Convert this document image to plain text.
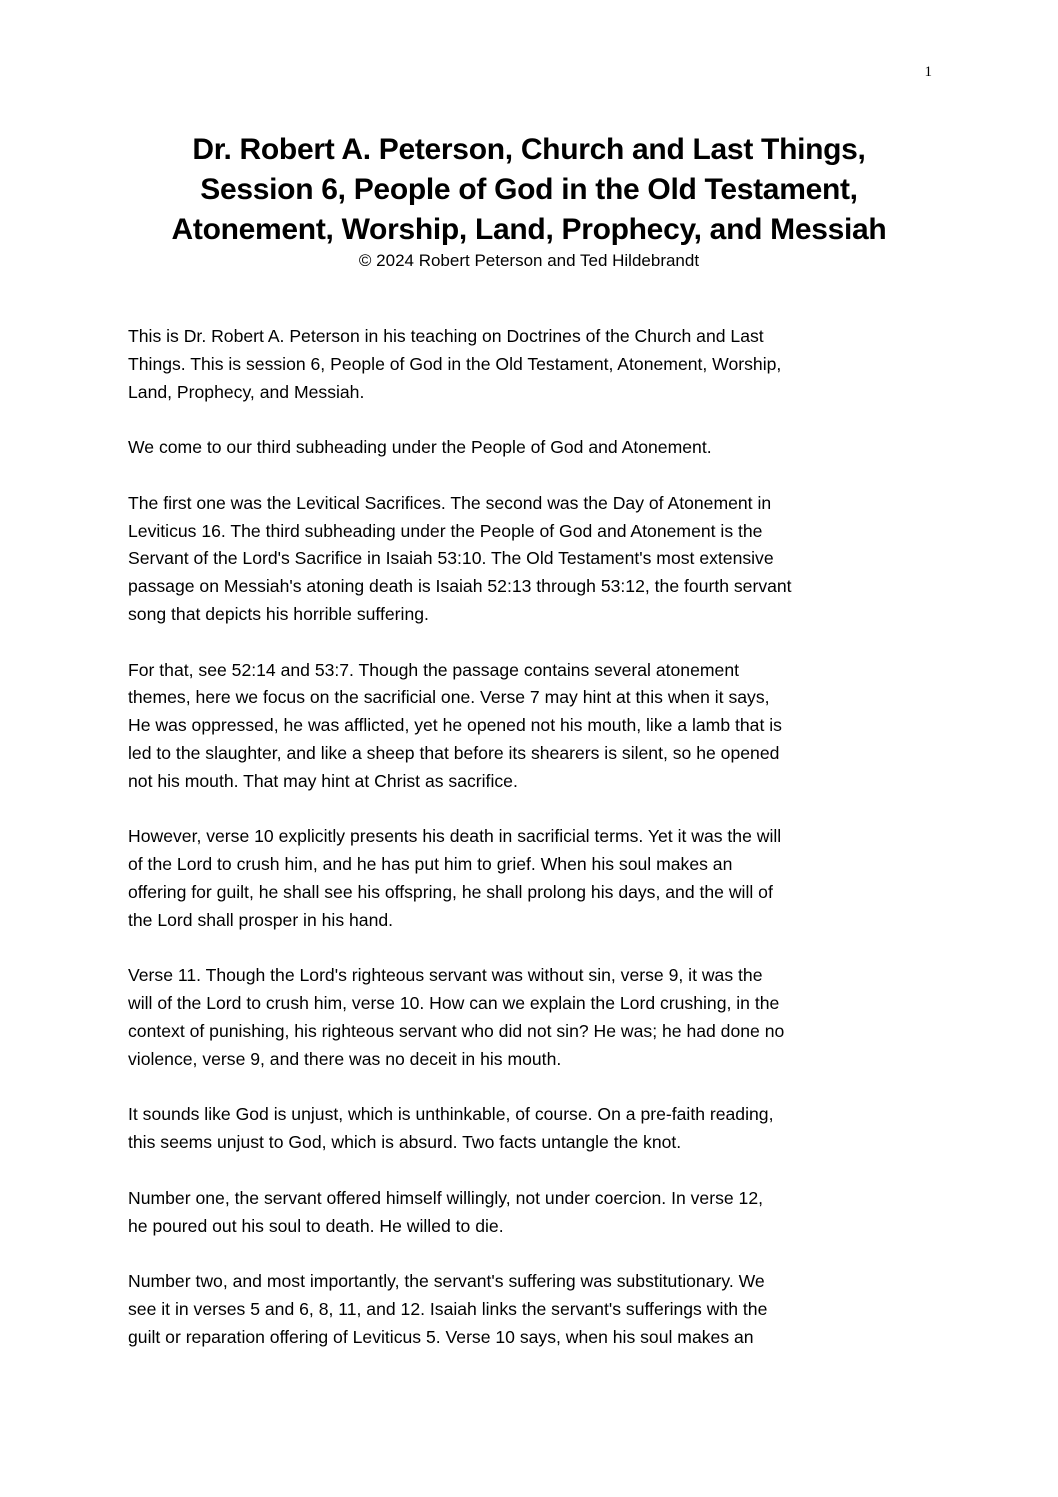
1
Dr. Robert A. Peterson, Church and Last Things,
Session 6, People of God in the Old Testament,
Atonement, Worship, Land, Prophecy, and Messiah

© 2024 Robert Peterson and Ted Hildebrandt

This is Dr. Robert A. Peterson in his teaching on Doctrines of the Church and Last
Things. This is session 6, People of God in the Old Testament, Atonement, Worship,
Land, Prophecy, and Messiah.

We come to our third subheading under the People of God and Atonement.

The first one was the Levitical Sacrifices. The second was the Day of Atonement in
Leviticus 16. The third subheading under the People of God and Atonement is the
Servant of the Lord's Sacrifice in Isaiah 53:10. The Old Testament's most extensive
passage on Messiah's atoning death is Isaiah 52:13 through 53:12, the fourth servant
song that depicts his horrible suffering.

For that, see 52:14 and 53:7. Though the passage contains several atonement
themes, here we focus on the sacrificial one. Verse 7 may hint at this when it says,
He was oppressed, he was afflicted, yet he opened not his mouth, like a lamb that is
led to the slaughter, and like a sheep that before its shearers is silent, so he opened
not his mouth. That may hint at Christ as sacrifice.

However, verse 10 explicitly presents his death in sacrificial terms. Yet it was the will
of the Lord to crush him, and he has put him to grief. When his soul makes an
offering for guilt, he shall see his offspring, he shall prolong his days, and the will of
the Lord shall prosper in his hand.

Verse 11. Though the Lord's righteous servant was without sin, verse 9, it was the
will of the Lord to crush him, verse 10. How can we explain the Lord crushing, in the
context of punishing, his righteous servant who did not sin? He was; he had done no
violence, verse 9, and there was no deceit in his mouth.

It sounds like God is unjust, which is unthinkable, of course. On a pre-faith reading,
this seems unjust to God, which is absurd. Two facts untangle the knot.

Number one, the servant offered himself willingly, not under coercion. In verse 12,
he poured out his soul to death. He willed to die.

Number two, and most importantly, the servant's suffering was substitutionary. We
see it in verses 5 and 6, 8, 11, and 12. Isaiah links the servant's sufferings with the
guilt or reparation offering of Leviticus 5. Verse 10 says, when his soul makes an
